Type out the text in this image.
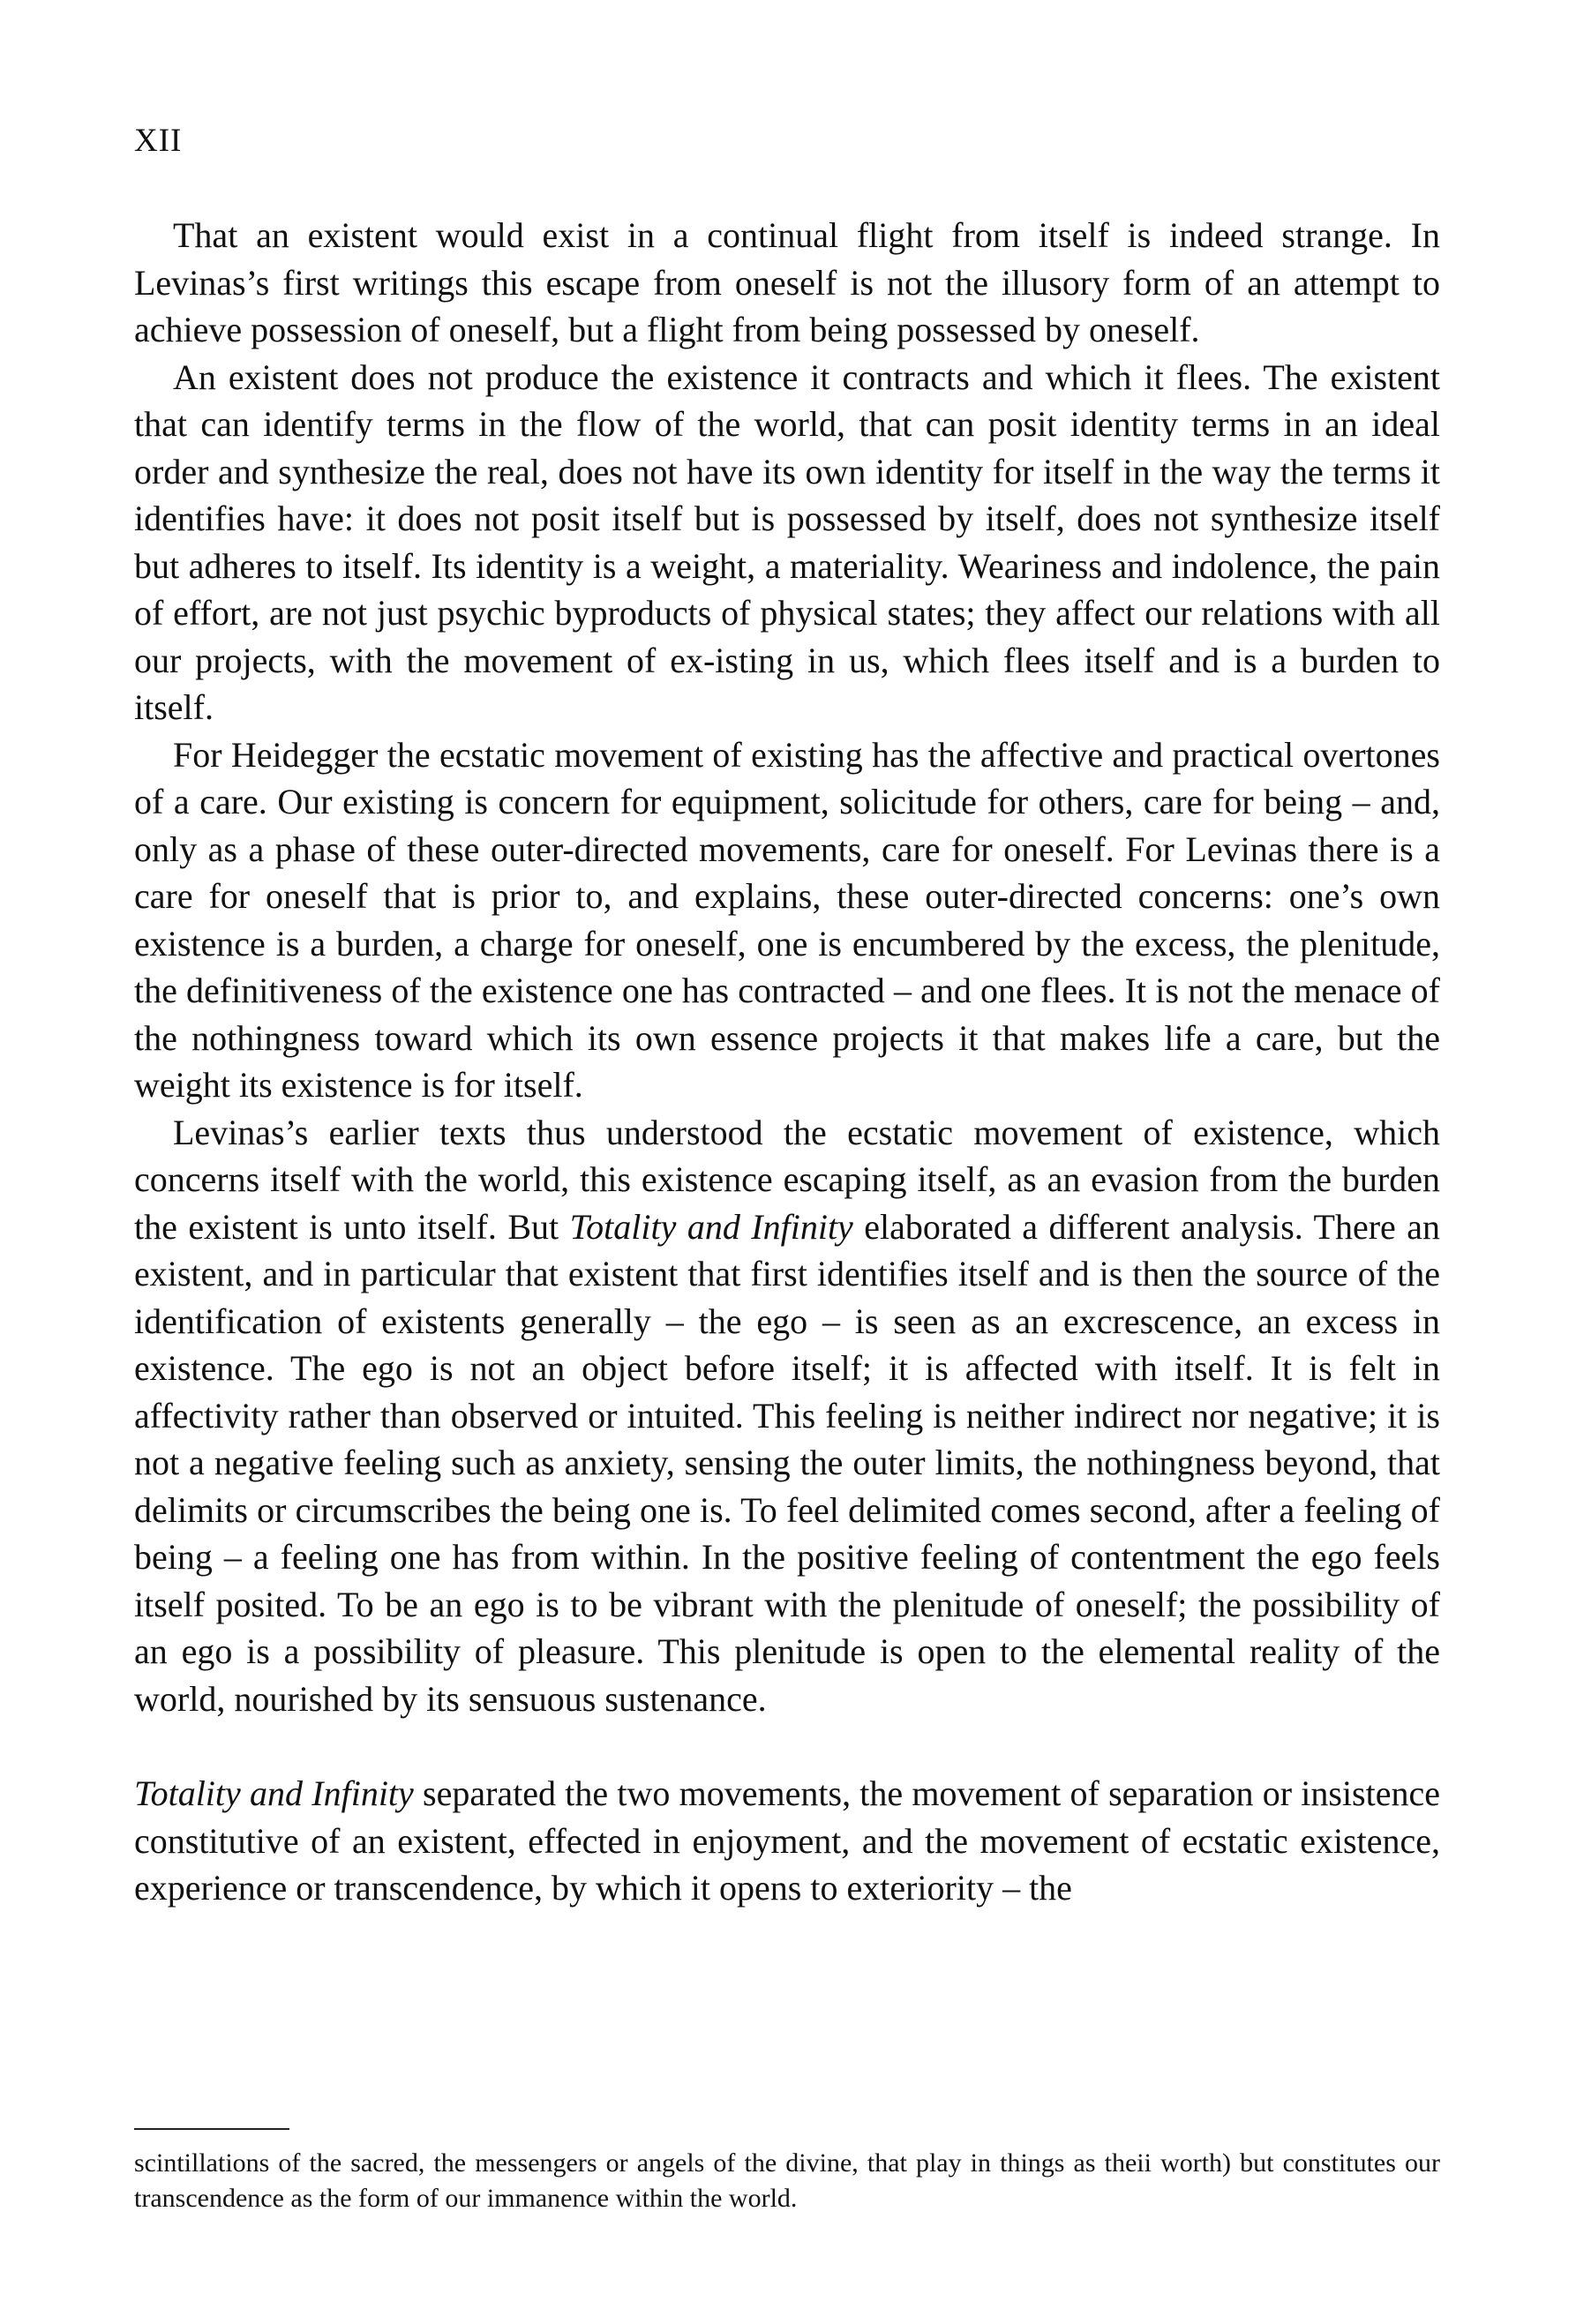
XII

That an existent would exist in a continual flight from itself is indeed strange. In Levinas’s first writings this escape from oneself is not the illusory form of an attempt to achieve possession of oneself, but a flight from being possessed by oneself.

An existent does not produce the existence it contracts and which it flees. The existent that can identify terms in the flow of the world, that can posit identity terms in an ideal order and synthesize the real, does not have its own identity for itself in the way the terms it identifies have: it does not posit itself but is possessed by itself, does not synthesize itself but adheres to itself. Its identity is a weight, a materiality. Weariness and indolence, the pain of effort, are not just psychic byproducts of physical states; they affect our relations with all our projects, with the movement of ex-isting in us, which flees itself and is a burden to itself.

For Heidegger the ecstatic movement of existing has the affective and practical overtones of a care. Our existing is concern for equipment, solicitude for others, care for being – and, only as a phase of these outer-directed movements, care for oneself. For Levinas there is a care for oneself that is prior to, and explains, these outer-directed concerns: one’s own existence is a burden, a charge for oneself, one is encumbered by the excess, the plenitude, the definitiveness of the existence one has contracted – and one flees. It is not the menace of the nothingness toward which its own essence projects it that makes life a care, but the weight its existence is for itself.

Levinas’s earlier texts thus understood the ecstatic movement of existence, which concerns itself with the world, this existence escaping itself, as an evasion from the burden the existent is unto itself. But Totality and Infinity elaborated a different analysis. There an existent, and in particular that existent that first identifies itself and is then the source of the identification of existents generally – the ego – is seen as an excrescence, an excess in existence. The ego is not an object before itself; it is affected with itself. It is felt in affectivity rather than observed or intuited. This feeling is neither indirect nor negative; it is not a negative feeling such as anxiety, sensing the outer limits, the nothingness beyond, that delimits or circumscribes the being one is. To feel delimited comes second, after a feeling of being – a feeling one has from within. In the positive feeling of contentment the ego feels itself posited. To be an ego is to be vibrant with the plenitude of oneself; the possibility of an ego is a possibility of pleasure. This plenitude is open to the elemental reality of the world, nourished by its sensuous sustenance.

Totality and Infinity separated the two movements, the movement of separation or insistence constitutive of an existent, effected in enjoyment, and the movement of ecstatic existence, experience or transcendence, by which it opens to exteriority – the

scintillations of the sacred, the messengers or angels of the divine, that play in things as theii worth) but constitutes our transcendence as the form of our immanence within the world.
